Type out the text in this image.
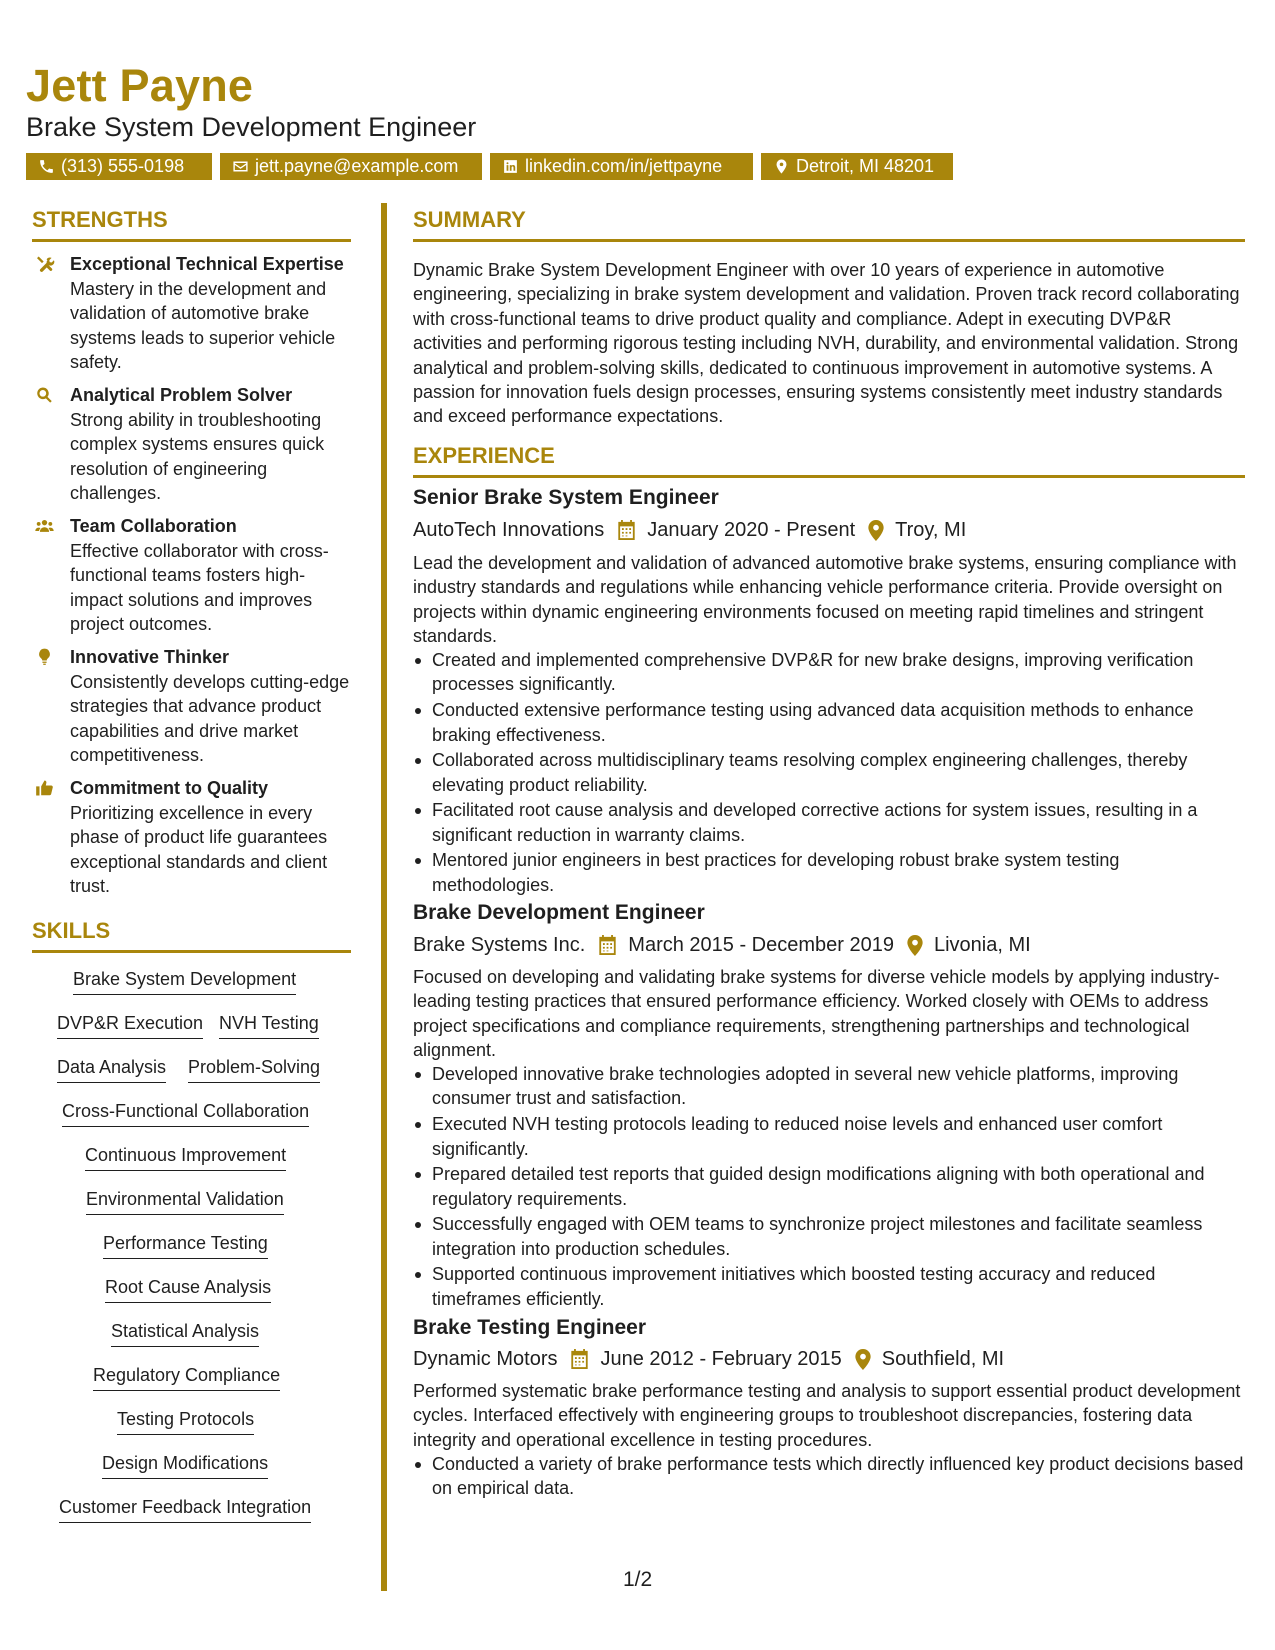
Jett Payne
Brake System Development Engineer
(313) 555-0198	jett.payne@example.com	linkedin.com/in/jettpayne	Detroit, MI 48201
STRENGTHS
Exceptional Technical Expertise
Mastery in the development and validation of automotive brake systems leads to superior vehicle safety.
Analytical Problem Solver
Strong ability in troubleshooting complex systems ensures quick resolution of engineering challenges.
Team Collaboration
Effective collaborator with cross-functional teams fosters high-impact solutions and improves project outcomes.
Innovative Thinker
Consistently develops cutting-edge strategies that advance product capabilities and drive market competitiveness.
Commitment to Quality
Prioritizing excellence in every phase of product life guarantees exceptional standards and client trust.
SKILLS
Brake System Development
DVP&R Execution NVH Testing
Data Analysis Problem-Solving
Cross-Functional Collaboration
Continuous Improvement
Environmental Validation
Performance Testing
Root Cause Analysis
Statistical Analysis
Regulatory Compliance
Testing Protocols
Design Modifications
Customer Feedback Integration
SUMMARY
Dynamic Brake System Development Engineer with over 10 years of experience in automotive engineering, specializing in brake system development and validation. Proven track record collaborating with cross-functional teams to drive product quality and compliance. Adept in executing DVP&R activities and performing rigorous testing including NVH, durability, and environmental validation. Strong analytical and problem-solving skills, dedicated to continuous improvement in automotive systems. A passion for innovation fuels design processes, ensuring systems consistently meet industry standards and exceed performance expectations.
EXPERIENCE
Senior Brake System Engineer
AutoTech Innovations January 2020 - Present Troy, MI
Lead the development and validation of advanced automotive brake systems, ensuring compliance with industry standards and regulations while enhancing vehicle performance criteria. Provide oversight on projects within dynamic engineering environments focused on meeting rapid timelines and stringent standards.
Created and implemented comprehensive DVP&R for new brake designs, improving verification processes significantly.
Conducted extensive performance testing using advanced data acquisition methods to enhance braking effectiveness.
Collaborated across multidisciplinary teams resolving complex engineering challenges, thereby elevating product reliability.
Facilitated root cause analysis and developed corrective actions for system issues, resulting in a significant reduction in warranty claims.
Mentored junior engineers in best practices for developing robust brake system testing methodologies.
Brake Development Engineer
Brake Systems Inc. March 2015 - December 2019 Livonia, MI
Focused on developing and validating brake systems for diverse vehicle models by applying industry-leading testing practices that ensured performance efficiency. Worked closely with OEMs to address project specifications and compliance requirements, strengthening partnerships and technological alignment.
Developed innovative brake technologies adopted in several new vehicle platforms, improving consumer trust and satisfaction.
Executed NVH testing protocols leading to reduced noise levels and enhanced user comfort significantly.
Prepared detailed test reports that guided design modifications aligning with both operational and regulatory requirements.
Successfully engaged with OEM teams to synchronize project milestones and facilitate seamless integration into production schedules.
Supported continuous improvement initiatives which boosted testing accuracy and reduced timeframes efficiently.
Brake Testing Engineer
Dynamic Motors June 2012 - February 2015 Southfield, MI
Performed systematic brake performance testing and analysis to support essential product development cycles. Interfaced effectively with engineering groups to troubleshoot discrepancies, fostering data integrity and operational excellence in testing procedures.
Conducted a variety of brake performance tests which directly influenced key product decisions based on empirical data.
1/2
